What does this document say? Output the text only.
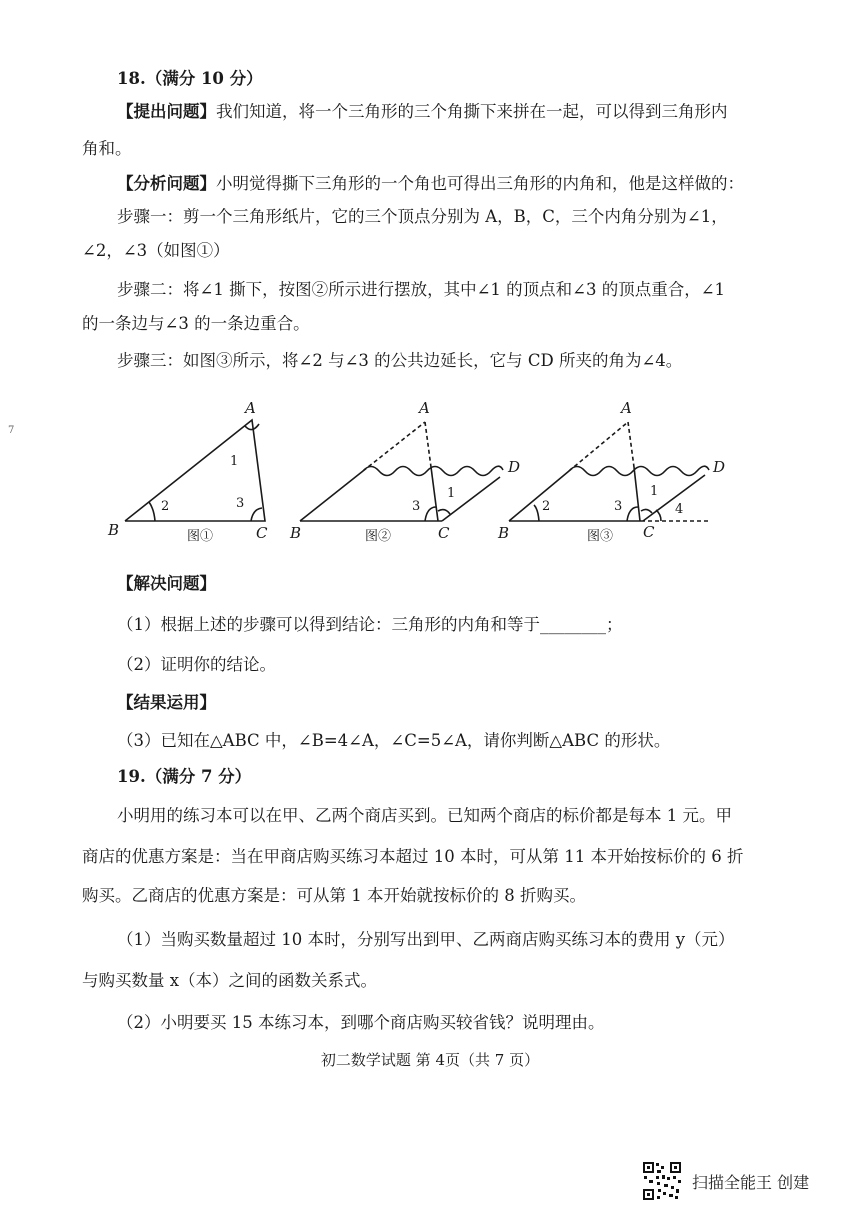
7
18.（满分 10 分）
【提出问题】我们知道，将一个三角形的三个角撕下来拼在一起，可以得到三角形内
角和。
【分析问题】小明觉得撕下三角形的一个角也可得出三角形的内角和，他是这样做的：
步骤一：剪一个三角形纸片，它的三个顶点分别为 A，B，C，三个内角分别为∠1，
∠2，∠3（如图①）
步骤二：将∠1 撕下，按图②所示进行摆放，其中∠1 的顶点和∠3 的顶点重合，∠1
的一条边与∠3 的一条边重合。
步骤三：如图③所示，将∠2 与∠3 的公共边延长，它与 CD 所夹的角为∠4。
A
B	C
A
B	C
D
A
B	C
D
1
2	3	3
1
2	3
1
4
图①	图②	图③
【解决问题】
（1）根据上述的步骤可以得到结论：三角形的内角和等于________；
（2）证明你的结论。
【结果运用】
（3）已知在△ABC 中，∠B=4∠A，∠C=5∠A，请你判断△ABC 的形状。
19.（满分 7 分）
小明用的练习本可以在甲、乙两个商店买到。已知两个商店的标价都是每本 1 元。甲
商店的优惠方案是：当在甲商店购买练习本超过 10 本时，可从第 11 本开始按标价的 6 折
购买。乙商店的优惠方案是：可从第 1 本开始就按标价的 8 折购买。
（1）当购买数量超过 10 本时，分别写出到甲、乙两商店购买练习本的费用 y（元）
与购买数量 x（本）之间的函数关系式。
（2）小明要买 15 本练习本，到哪个商店购买较省钱？说明理由。
初二数学试题 第 4页（共 7 页）
扫描全能王 创建
